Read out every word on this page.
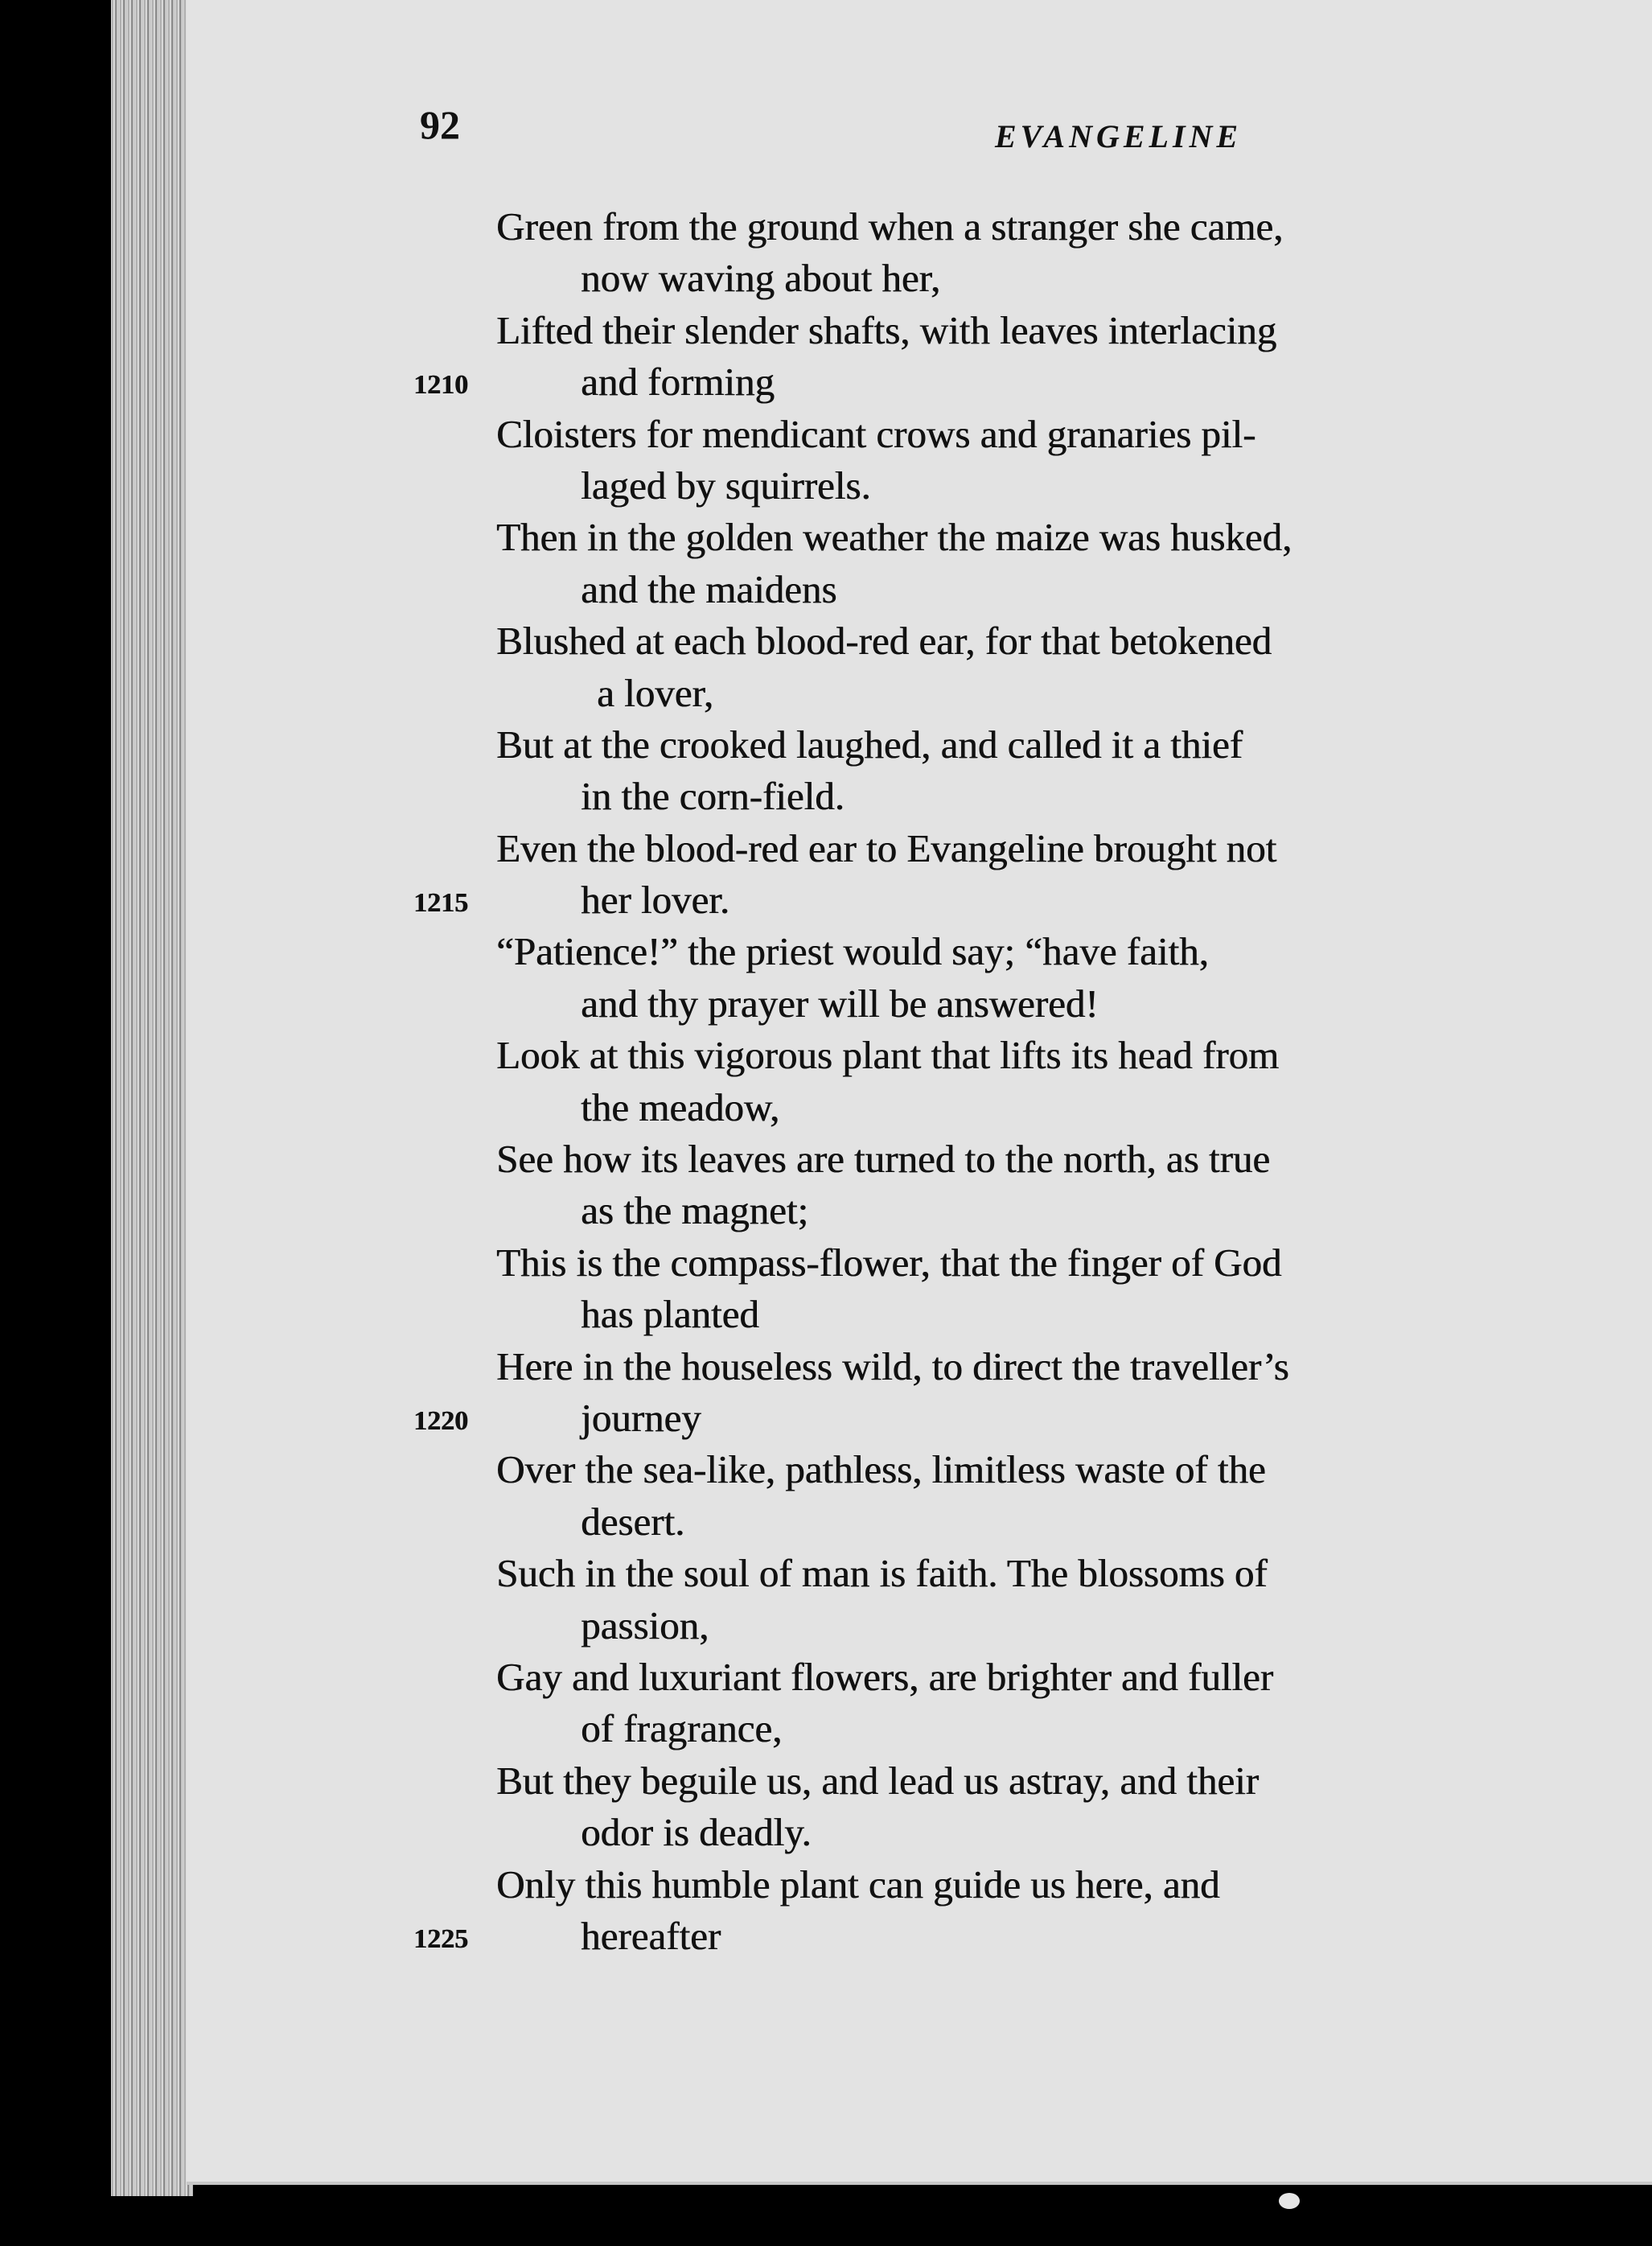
92	EVANGELINE
Green from the ground when a stranger she came,
now waving about her,
Lifted their slender shafts, with leaves interlacing
1210	and forming
Cloisters for mendicant crows and granaries pil-
laged by squirrels.
Then in the golden weather the maize was husked,
and the maidens
Blushed at each blood-red ear, for that betokened
a lover,
But at the crooked laughed, and called it a thief
in the corn-field.
Even the blood-red ear to Evangeline brought not
1215	her lover.
“Patience!” the priest would say; “have faith,
and thy prayer will be answered!
Look at this vigorous plant that lifts its head from
the meadow,
See how its leaves are turned to the north, as true
as the magnet;
This is the compass-flower, that the finger of God
has planted
Here in the houseless wild, to direct the traveller’s
1220	journey
Over the sea-like, pathless, limitless waste of the
desert.
Such in the soul of man is faith. The blossoms of
passion,
Gay and luxuriant flowers, are brighter and fuller
of fragrance,
But they beguile us, and lead us astray, and their
odor is deadly.
Only this humble plant can guide us here, and
1225	hereafter
